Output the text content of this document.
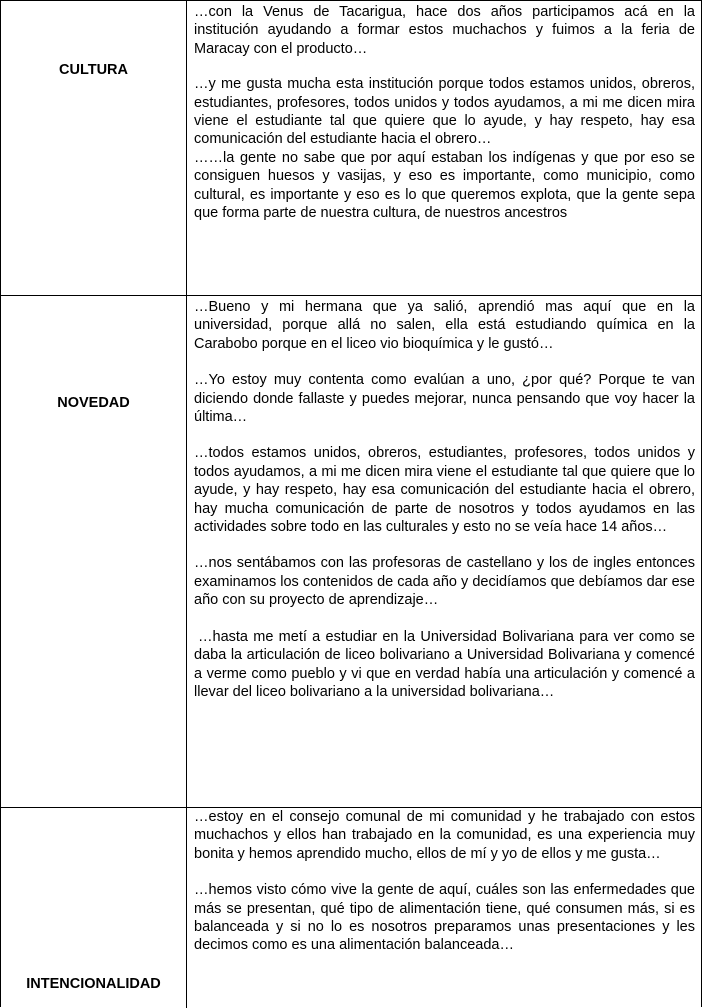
CULTURA

…con la Venus de Tacarigua, hace dos años participamos acá en la institución ayudando a formar estos muchachos y fuimos a la feria de Maracay con el producto…

…y me gusta mucha esta institución porque todos estamos unidos, obreros, estudiantes, profesores, todos unidos y todos ayudamos, a mi me dicen mira viene el estudiante tal que quiere que lo ayude, y hay respeto, hay esa comunicación del estudiante hacia el obrero…

……la gente no sabe que por aquí estaban los indígenas y que por eso se consiguen huesos y vasijas, y eso es importante, como municipio, como cultural, es importante y eso es lo que queremos explota, que la gente sepa que forma parte de nuestra cultura, de nuestros ancestros

NOVEDAD

…Bueno y mi hermana que ya salió, aprendió mas aquí que en la universidad, porque allá no salen, ella está estudiando química en la Carabobo porque en el liceo vio bioquímica y le gustó…

…Yo estoy muy contenta como evalúan a uno, ¿por qué? Porque te van diciendo donde fallaste y puedes mejorar, nunca pensando que voy hacer la última…

…todos estamos unidos, obreros, estudiantes, profesores, todos unidos y todos ayudamos, a mi me dicen mira viene el estudiante tal que quiere que lo ayude, y hay respeto, hay esa comunicación del estudiante hacia el obrero, hay mucha comunicación de parte de nosotros y todos ayudamos en las actividades sobre todo en las culturales y esto no se veía hace 14 años…

…nos sentábamos con las profesoras de castellano y los de ingles entonces examinamos los contenidos de cada año y decidíamos que debíamos dar ese año con su proyecto de aprendizaje…

…hasta me metí a estudiar en la Universidad Bolivariana para ver como se daba la articulación de liceo bolivariano a Universidad Bolivariana y comencé a verme como pueblo y vi que en verdad había una articulación y comencé a llevar del liceo bolivariano a la universidad bolivariana…

INTENCIONALIDAD

…estoy en el consejo comunal de mi comunidad y he trabajado con estos muchachos y ellos han trabajado en la comunidad, es una experiencia muy bonita y hemos aprendido mucho, ellos de mí y yo de ellos y me gusta…

…hemos visto cómo vive la gente de aquí, cuáles son las enfermedades que más se presentan, qué tipo de alimentación tiene, qué consumen más, si es balanceada y si no lo es nosotros preparamos unas presentaciones y les decimos como es una alimentación balanceada…
